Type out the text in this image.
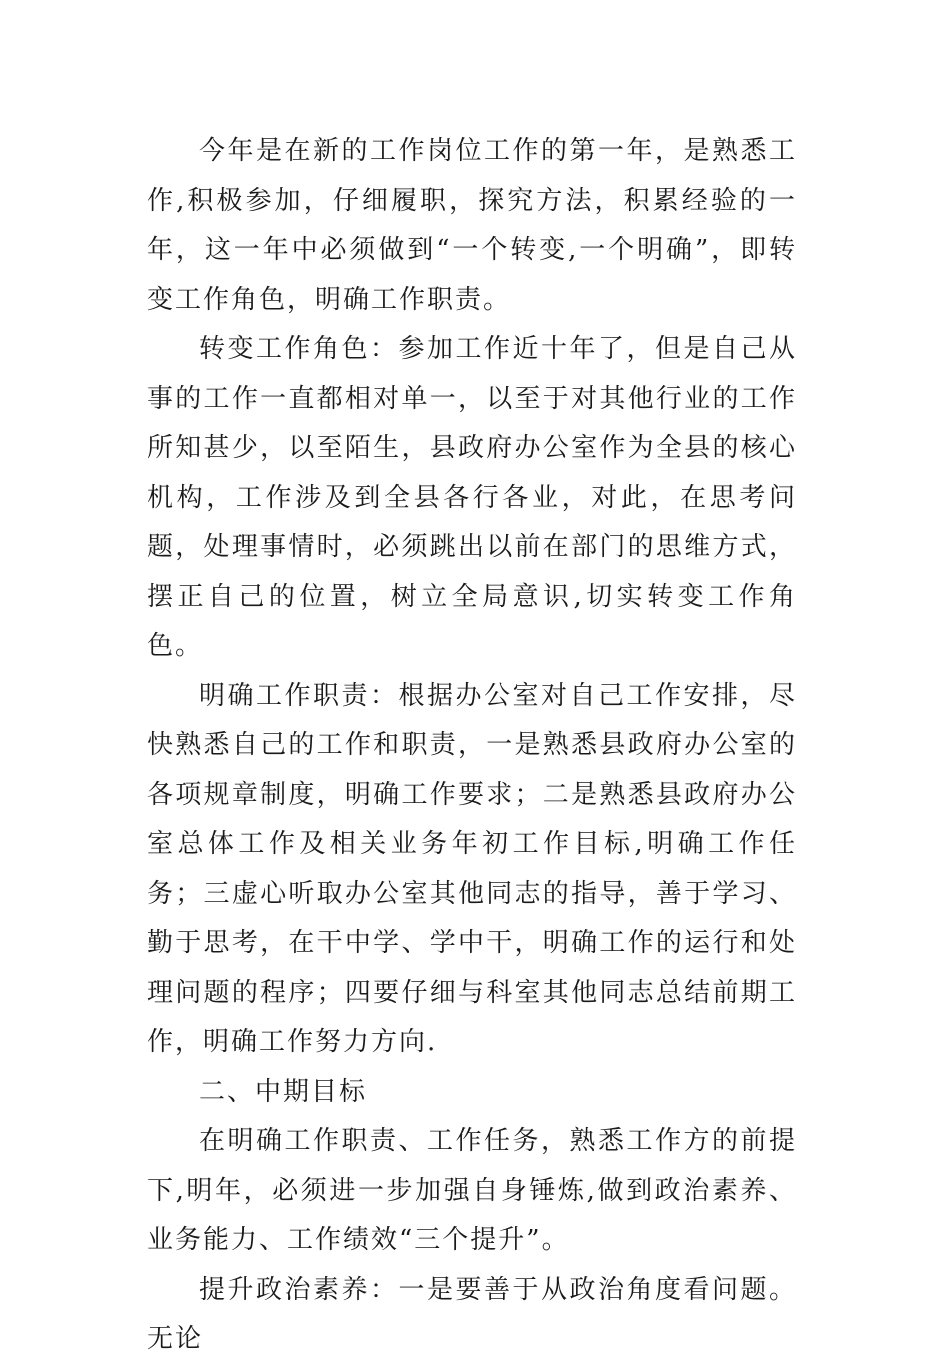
今年是在新的工作岗位工作的第一年，是熟悉工作,积极参加，仔细履职，探究方法，积累经验的一年，这一年中必须做到“一个转变,一个明确”，即转变工作角色，明确工作职责。

转变工作角色：参加工作近十年了，但是自己从事的工作一直都相对单一，以至于对其他行业的工作所知甚少，以至陌生，县政府办公室作为全县的核心机构，工作涉及到全县各行各业，对此，在思考问题，处理事情时，必须跳出以前在部门的思维方式，摆正自己的位置，树立全局意识,切实转变工作角色。

明确工作职责：根据办公室对自己工作安排，尽快熟悉自己的工作和职责，一是熟悉县政府办公室的各项规章制度，明确工作要求；二是熟悉县政府办公室总体工作及相关业务年初工作目标,明确工作任务；三虚心听取办公室其他同志的指导，善于学习、勤于思考，在干中学、学中干，明确工作的运行和处理问题的程序；四要仔细与科室其他同志总结前期工作，明确工作努力方向.

二、中期目标

在明确工作职责、工作任务，熟悉工作方的前提下,明年，必须进一步加强自身锤炼,做到政治素养、业务能力、工作绩效“三个提升”。

提升政治素养：一是要善于从政治角度看问题。无论
